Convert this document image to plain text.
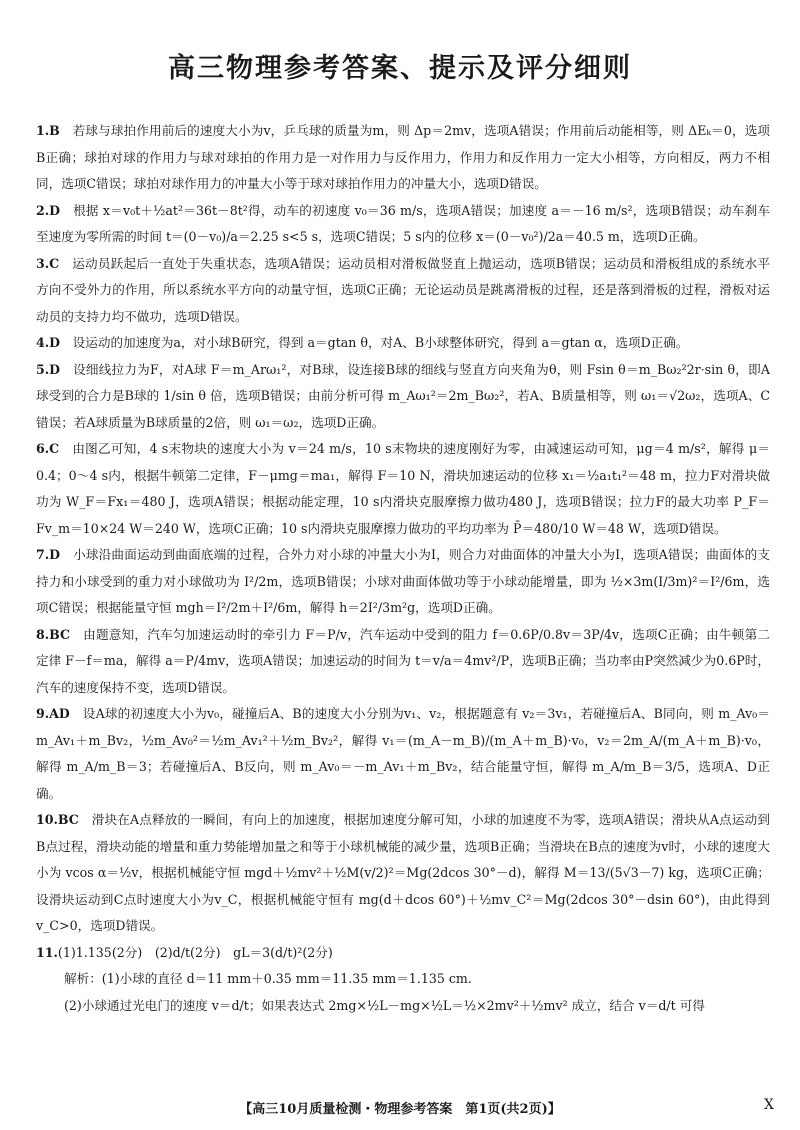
高三物理参考答案、提示及评分细则

1.B　 若球与球拍作用前后的速度大小为v，乒乓球的质量为m，则 Δp＝2mv，选项A错误；作用前后动能相等，则 ΔEₖ＝0，选项B正确；球拍对球的作用力与球对球拍的作用力是一对作用力与反作用力，作用力和反作用力一定大小相等，方向相反，两力不相同，选项C错误；球拍对球作用力的冲量大小等于球对球拍作用力的冲量大小，选项D错误。

2.D　 根据 x＝v₀t＋½at²＝36t－8t²得，动车的初速度 v₀＝36 m/s，选项A错误；加速度 a＝－16 m/s²，选项B错误；动车刹车至速度为零所需的时间 t＝(0－v₀)/a＝2.25 s<5 s，选项C错误；5 s内的位移 x＝(0－v₀²)/2a＝40.5 m，选项D正确。

3.C　 运动员跃起后一直处于失重状态，选项A错误；运动员相对滑板做竖直上抛运动，选项B错误；运动员和滑板组成的系统水平方向不受外力的作用，所以系统水平方向的动量守恒，选项C正确；无论运动员是跳离滑板的过程，还是落到滑板的过程，滑板对运动员的支持力均不做功，选项D错误。

4.D　 设运动的加速度为a，对小球B研究，得到 a＝gtan θ，对A、B小球整体研究，得到 a＝gtan α，选项D正确。

5.D　 设细线拉力为F，对A球 F＝m_Arω₁²，对B球，设连接B球的细线与竖直方向夹角为θ，则 Fsin θ＝m_Bω₂²2r·sin θ，即A球受到的合力是B球的 1/sin θ 倍，选项B错误；由前分析可得 m_Aω₁²＝2m_Bω₂²，若A、B质量相等，则 ω₁＝√2ω₂，选项A、C错误；若A球质量为B球质量的2倍，则 ω₁＝ω₂，选项D正确。

6.C　 由图乙可知，4 s末物块的速度大小为 v＝24 m/s，10 s末物块的速度刚好为零，由减速运动可知，μg＝4 m/s²，解得 μ＝0.4；0～4 s内，根据牛顿第二定律，F－μmg＝ma₁，解得 F＝10 N，滑块加速运动的位移 x₁＝½a₁t₁²＝48 m，拉力F对滑块做功为 W_F＝Fx₁＝480 J，选项A错误；根据动能定理，10 s内滑块克服摩擦力做功480 J，选项B错误；拉力F的最大功率 P_F＝Fv_m＝10×24 W＝240 W，选项C正确；10 s内滑块克服摩擦力做功的平均功率为 P̄＝480/10 W＝48 W，选项D错误。

7.D　 小球沿曲面运动到曲面底端的过程，合外力对小球的冲量大小为I，则合力对曲面体的冲量大小为I，选项A错误；曲面体的支持力和小球受到的重力对小球做功为 I²/2m，选项B错误；小球对曲面体做功等于小球动能增量，即为 ½×3m(I/3m)²＝I²/6m，选项C错误；根据能量守恒 mgh＝I²/2m＋I²/6m，解得 h＝2I²/3m²g，选项D正确。

8.BC　 由题意知，汽车匀加速运动时的牵引力 F＝P/v，汽车运动中受到的阻力 f＝0.6P/0.8v＝3P/4v，选项C正确；由牛顿第二定律 F－f＝ma，解得 a＝P/4mv，选项A错误；加速运动的时间为 t＝v/a＝4mv²/P，选项B正确；当功率由P突然减少为0.6P时，汽车的速度保持不变，选项D错误。

9.AD　 设A球的初速度大小为v₀，碰撞后A、B的速度大小分别为v₁、v₂，根据题意有 v₂＝3v₁，若碰撞后A、B同向，则 m_Av₀＝m_Av₁＋m_Bv₂，½m_Av₀²＝½m_Av₁²＋½m_Bv₂²，解得 v₁＝(m_A－m_B)/(m_A＋m_B)·v₀，v₂＝2m_A/(m_A＋m_B)·v₀，解得 m_A/m_B＝3；若碰撞后A、B反向，则 m_Av₀＝－m_Av₁＋m_Bv₂，结合能量守恒，解得 m_A/m_B＝3/5，选项A、D正确。

10.BC　 滑块在A点释放的一瞬间，有向上的加速度，根据加速度分解可知，小球的加速度不为零，选项A错误；滑块从A点运动到B点过程，滑块动能的增量和重力势能增加量之和等于小球机械能的减少量，选项B正确；当滑块在B点的速度为v时，小球的速度大小为 vcos α＝½v，根据机械能守恒 mgd＋½mv²＋½M(v/2)²＝Mg(2dcos 30°－d)，解得 M＝13/(5√3－7) kg，选项C正确；设滑块运动到C点时速度大小为v_C，根据机械能守恒有 mg(d＋dcos 60°)＋½mv_C²＝Mg(2dcos 30°－dsin 60°)，由此得到 v_C>0，选项D错误。

11.(1)1.135(2分)　(2)d/t(2分)　gL＝3(d/t)²(2分)

解析：(1)小球的直径 d＝11 mm＋0.35 mm＝11.35 mm＝1.135 cm.

(2)小球通过光电门的速度 v＝d/t；如果表达式 2mg×½L－mg×½L＝½×2mv²＋½mv² 成立，结合 v＝d/t 可得

【高三10月质量检测・物理参考答案　第1页(共2页)】	X
